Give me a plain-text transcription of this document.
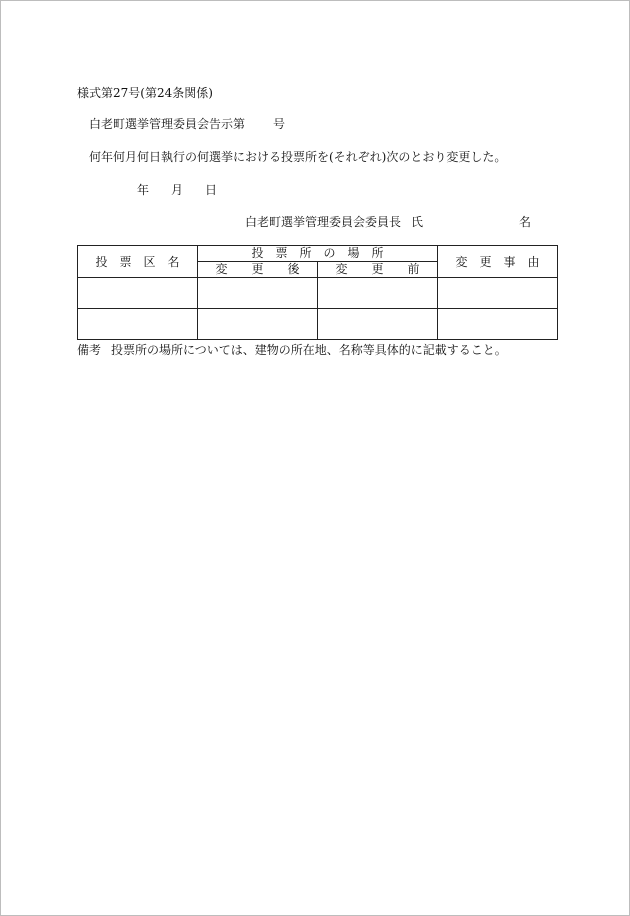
様式第27号(第24条関係)
白老町選挙管理委員会告示第 号
何年何月何日執行の何選挙における投票所を(それぞれ)次のとおり変更した。
年 月 日
白老町選挙管理委員会委員長 氏	名
投　票　区　名	投　票　所　の　場　所		変　更　事　由
	変　　更　　後	変　　更　　前	

備考 投票所の場所については、建物の所在地、名称等具体的に記載すること。
